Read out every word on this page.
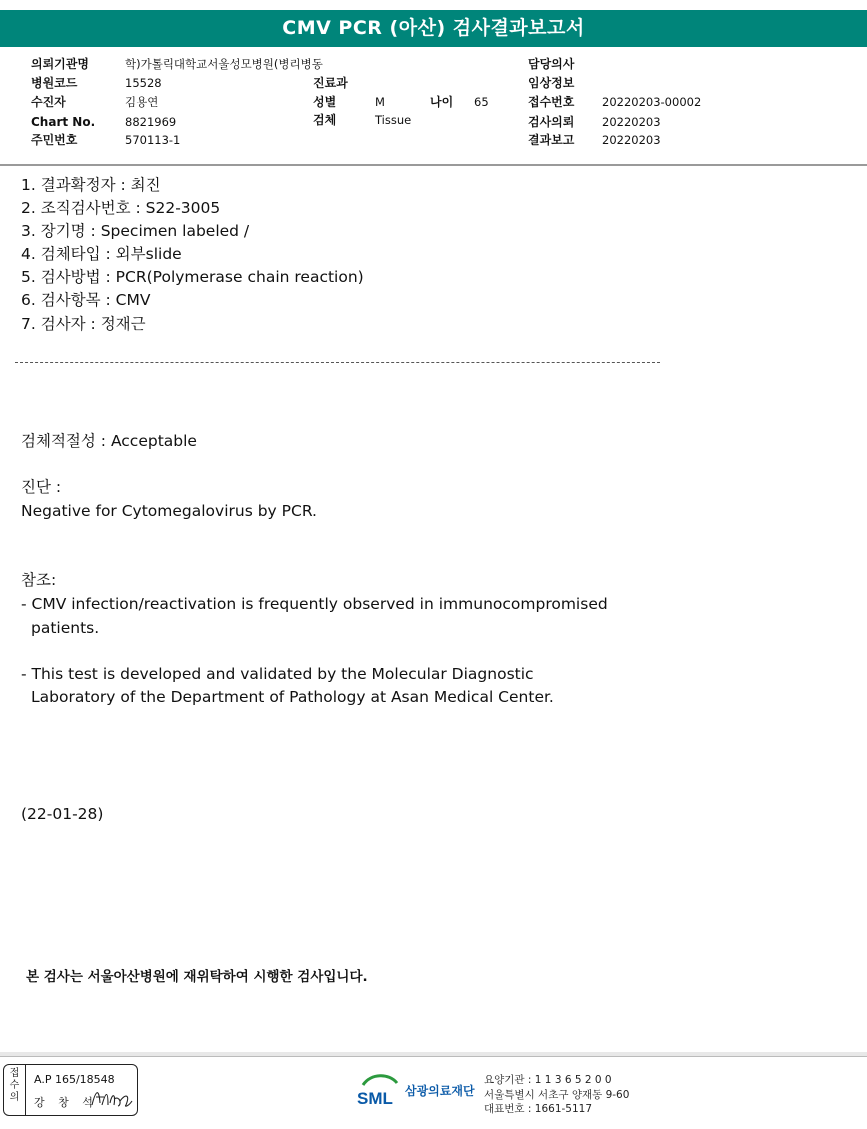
CMV PCR (아산) 검사결과보고서
의뢰기관명	학)가톨릭대학교서울성모병원(병리병동
병원코드	15528
수진자	김용연
Chart No.	8821969
주민번호	570113-1
진료과
성별	M	나이 65
검체	Tissue
담당의사
임상정보
접수번호 20220203-00002
검사의뢰 20220203
결과보고 20220203
1. 결과확정자 : 최진
2. 조직검사번호 : S22-3005
3. 장기명 : Specimen labeled /
4. 검체타입 : 외부slide
5. 검사방법 : PCR(Polymerase chain reaction)
6. 검사항목 : CMV
7. 검사자 : 정재근
검체적절성 : Acceptable
진단 :
Negative for Cytomegalovirus by PCR.
참조:
- CMV infection/reactivation is frequently observed in immunocompromised
patients.
- This test is developed and validated by the Molecular Diagnostic
Laboratory of the Department of Pathology at Asan Medical Center.
(22-01-28)
본 검사는 서울아산병원에 재위탁하여 시행한 검사입니다.
접
수
의
A.P 165/18548
강 창 석	SML 삼광의료재단
요양기관 : 1 1 3 6 5 2 0 0
서울특별시 서초구 양재동 9-60
대표번호 : 1661-5117
